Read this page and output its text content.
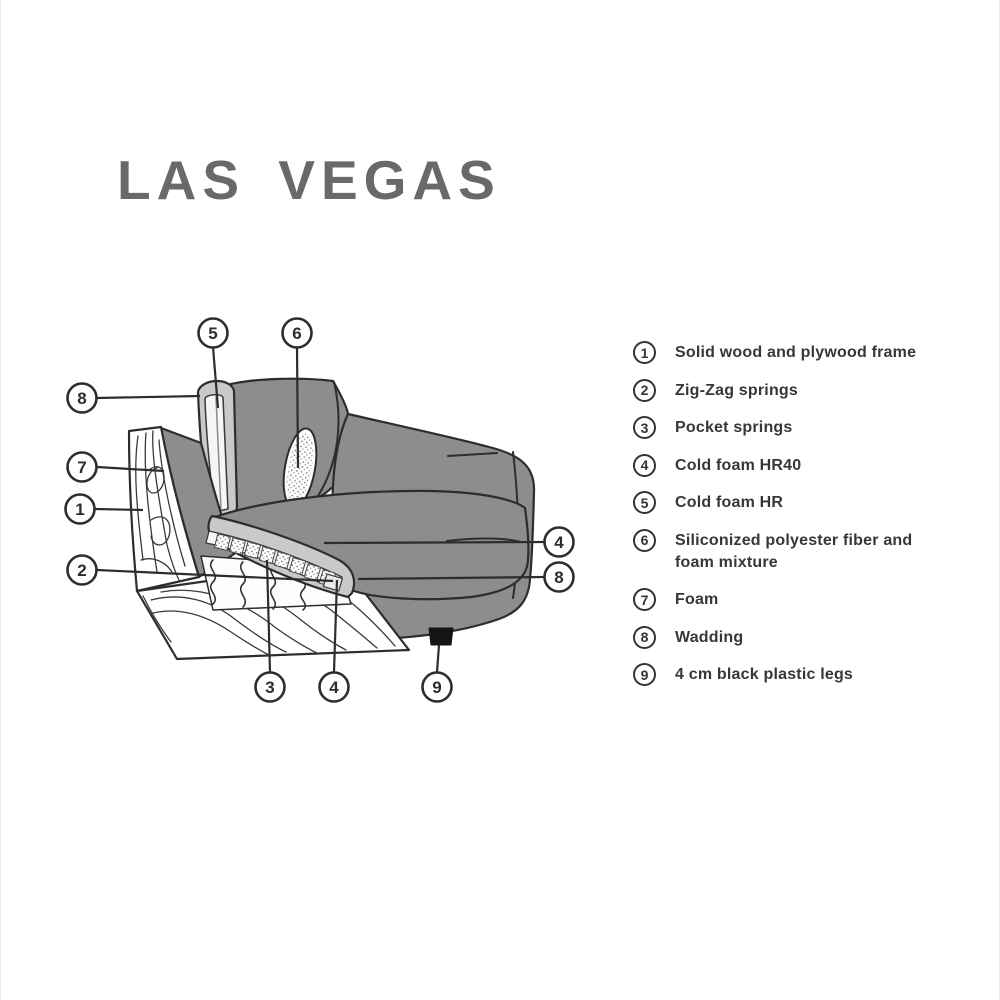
LAS VEGAS
5	6
8
7
1
2
3	4	9
4
8
1	Solid wood and plywood frame
2	Zig-Zag springs
3	Pocket springs
4	Cold foam HR40
5	Cold foam HR
6	Siliconized polyester fiber and foam mixture
7	Foam
8	Wadding
9	4 cm black plastic legs
